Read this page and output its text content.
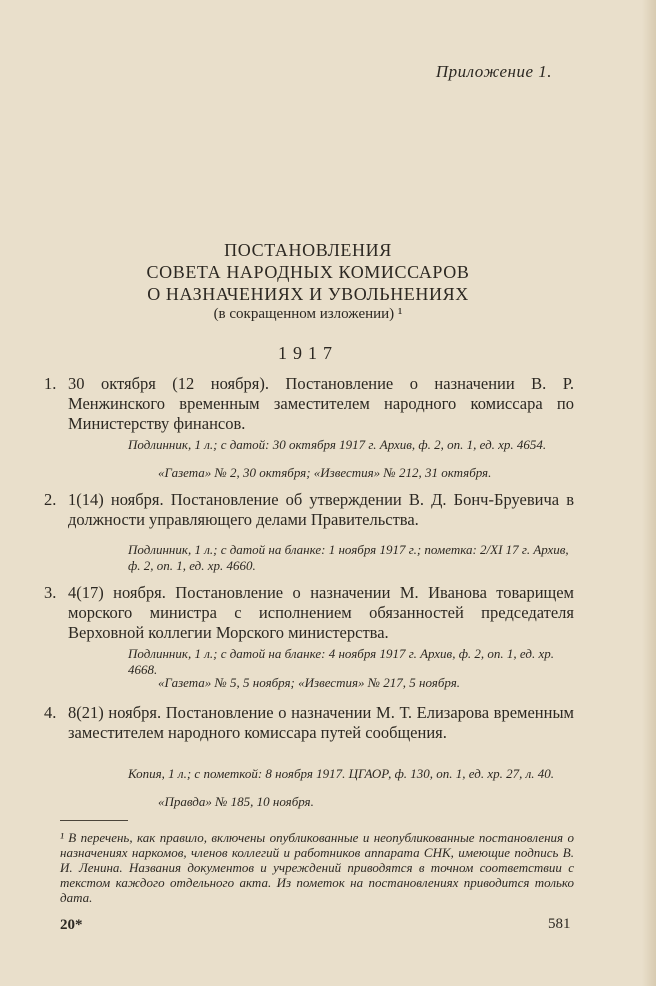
Приложение 1.
ПОСТАНОВЛЕНИЯ
СОВЕТА НАРОДНЫХ КОМИССАРОВ
О НАЗНАЧЕНИЯХ И УВОЛЬНЕНИЯХ
(в сокращенном изложении) ¹
1917
1. 30 октября (12 ноября). Постановление о назначении В. Р. Менжинского временным заместителем народного комиссара по Министерству финансов.
Подлинник, 1 л.; с датой: 30 октября 1917 г. Архив, ф. 2, оп. 1, ед. хр. 4654.
«Газета» № 2, 30 октября; «Известия» № 212, 31 октября.
2. 1(14) ноября. Постановление об утверждении В. Д. Бонч-Бруевича в должности управляющего делами Правительства.
Подлинник, 1 л.; с датой на бланке: 1 ноября 1917 г.; пометка: 2/XI 17 г. Архив, ф. 2, оп. 1, ед. хр. 4660.
3. 4(17) ноября. Постановление о назначении М. Иванова товарищем морского министра с исполнением обязанностей председателя Верховной коллегии Морского министерства.
Подлинник, 1 л.; с датой на бланке: 4 ноября 1917 г. Архив, ф. 2, оп. 1, ед. хр. 4668.
«Газета» № 5, 5 ноября; «Известия» № 217, 5 ноября.
4. 8(21) ноября. Постановление о назначении М. Т. Елизарова временным заместителем народного комиссара путей сообщения.
Копия, 1 л.; с пометкой: 8 ноября 1917. ЦГАОР, ф. 130, оп. 1, ед. хр. 27, л. 40.
«Правда» № 185, 10 ноября.
¹ В перечень, как правило, включены опубликованные и неопубликованные постановления о назначениях наркомов, членов коллегий и работников аппарата СНК, имеющие подпись В. И. Ленина. Названия документов и учреждений приводятся в точном соответствии с текстом каждого отдельного акта. Из пометок на постановлениях приводится только дата.
20*	581
